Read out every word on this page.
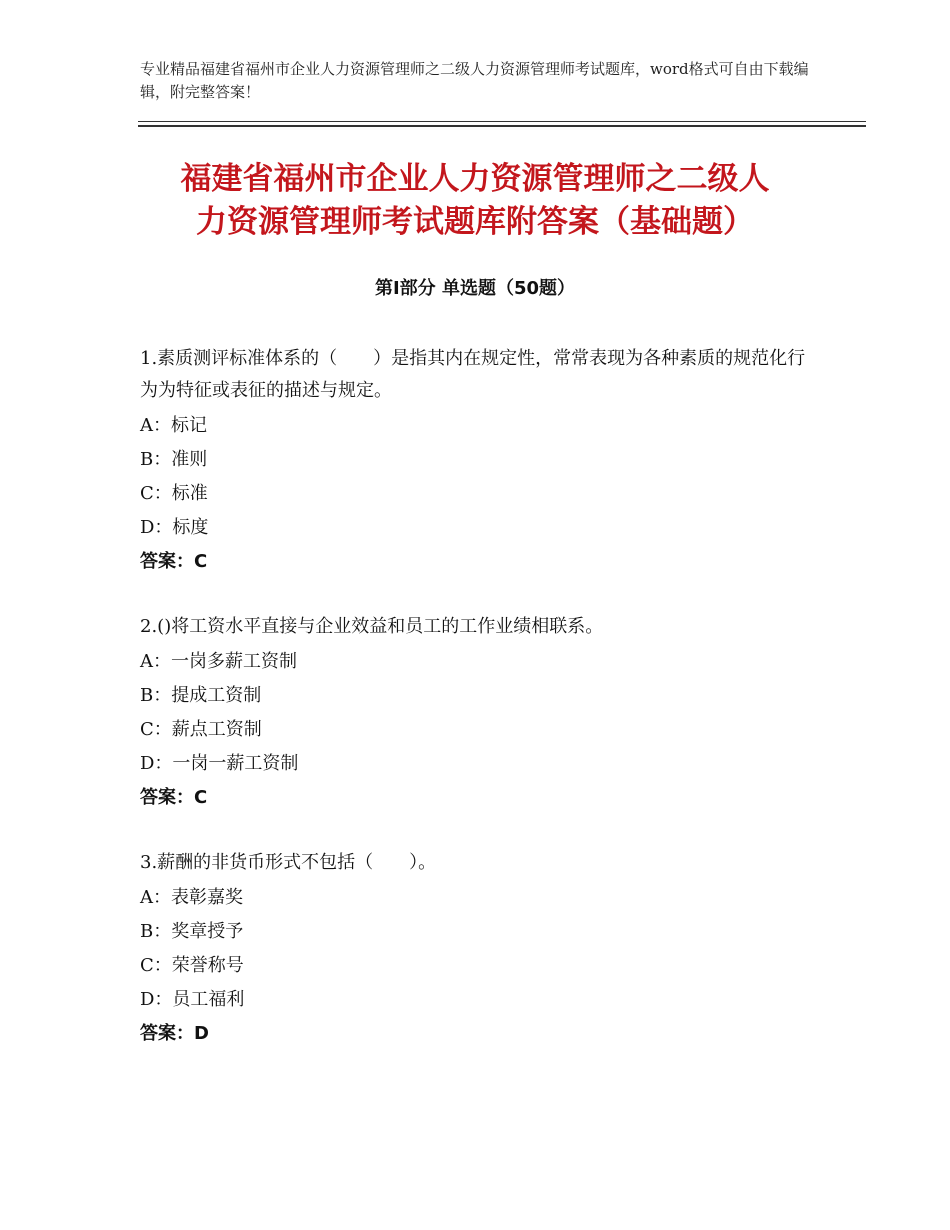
专业精品福建省福州市企业人力资源管理师之二级人力资源管理师考试题库，word格式可自由下载编辑，附完整答案！
福建省福州市企业人力资源管理师之二级人
力资源管理师考试题库附答案（基础题）
第Ⅰ部分 单选题（50题）
1.素质测评标准体系的（　　）是指其内在规定性，常常表现为各种素质的规范化行为为特征或表征的描述与规定。
A：标记
B：准则
C：标准
D：标度
答案：C
2.()将工资水平直接与企业效益和员工的工作业绩相联系。
A：一岗多薪工资制
B：提成工资制
C：薪点工资制
D：一岗一薪工资制
答案：C
3.薪酬的非货币形式不包括（　　）。
A：表彰嘉奖
B：奖章授予
C：荣誉称号
D：员工福利
答案：D
